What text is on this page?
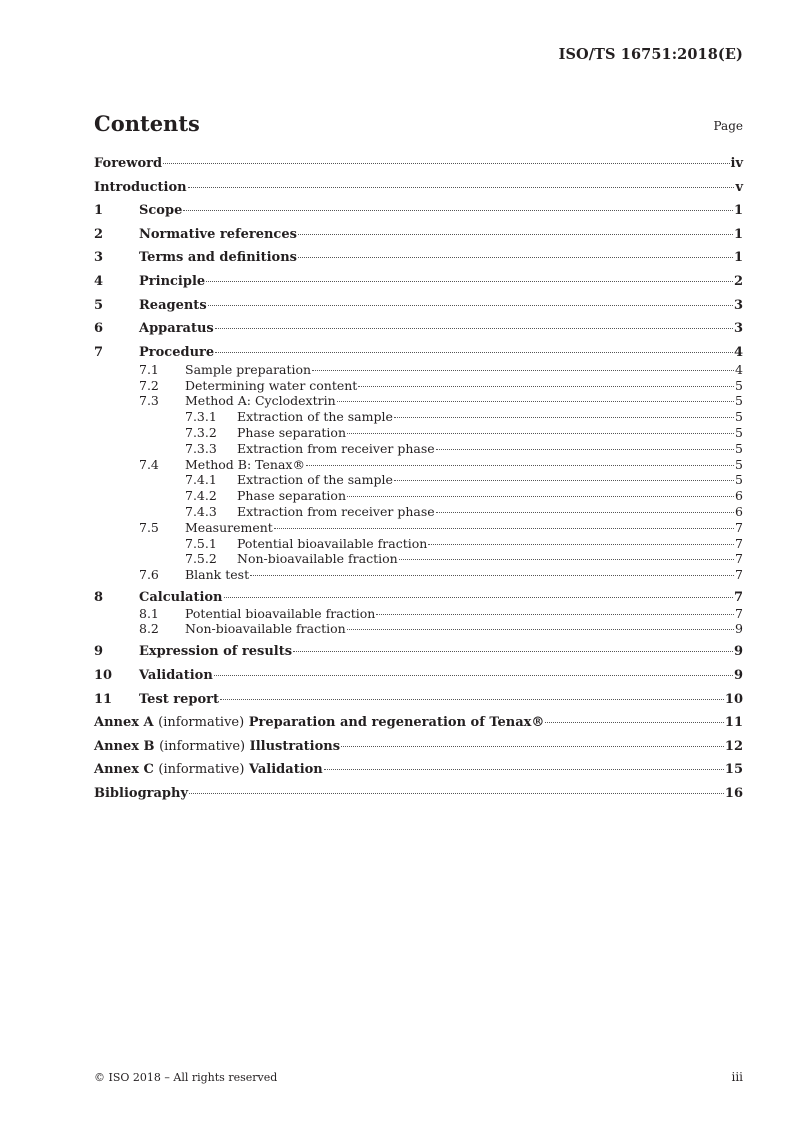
ISO/TS 16751:2018(E)
Contents	Page
Foreword	iv
Introduction	v
1	Scope	1
2	Normative references	1
3	Terms and definitions	1
4	Principle	2
5	Reagents	3
6	Apparatus	3
7	Procedure	4
7.1	Sample preparation	4
7.2	Determining water content	5
7.3	Method A: Cyclodextrin	5
7.3.1	Extraction of the sample	5
7.3.2	Phase separation	5
7.3.3	Extraction from receiver phase	5
7.4	Method B: Tenax®	5
7.4.1	Extraction of the sample	5
7.4.2	Phase separation	6
7.4.3	Extraction from receiver phase	6
7.5	Measurement	7
7.5.1	Potential bioavailable fraction	7
7.5.2	Non-bioavailable fraction	7
7.6	Blank test	7
8	Calculation	7
8.1	Potential bioavailable fraction	7
8.2	Non-bioavailable fraction	9
9	Expression of results	9
10	Validation	9
11	Test report	10
Annex A (informative) Preparation and regeneration of Tenax®	11
Annex B (informative) Illustrations	12
Annex C (informative) Validation	15
Bibliography	16
© ISO 2018 – All rights reserved	iii
